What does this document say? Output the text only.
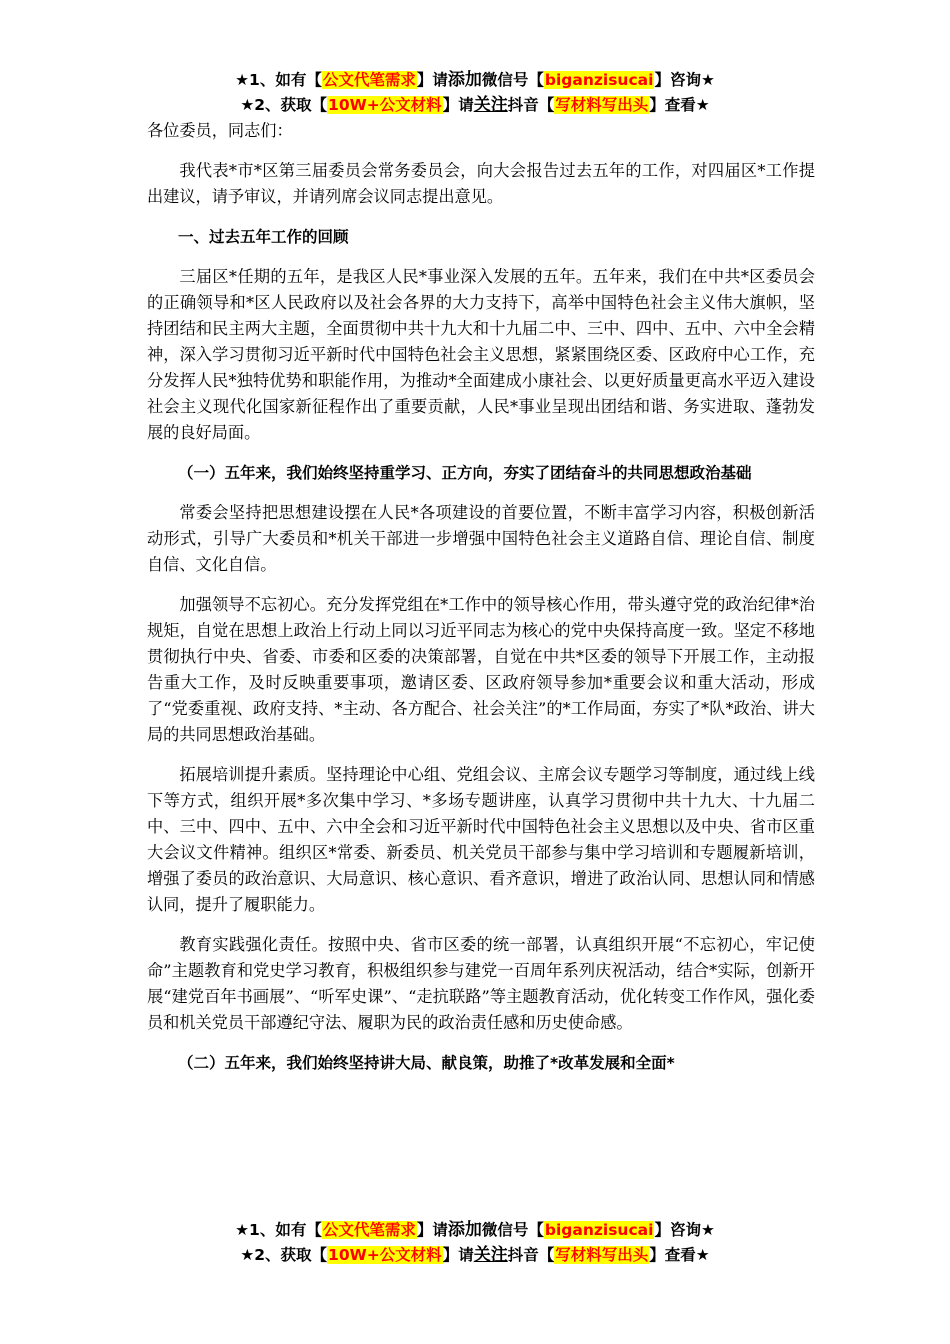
★1、如有【公文代笔需求】请添加微信号【biganzisucai】咨询★
★2、获取【10W+公文材料】请关注抖音【写材料写出头】查看★

各位委员，同志们：

我代表*市*区第三届委员会常务委员会，向大会报告过去五年的工作，对四届区*工作提出建议，请予审议，并请列席会议同志提出意见。

一、过去五年工作的回顾

三届区*任期的五年，是我区人民*事业深入发展的五年。五年来，我们在中共*区委员会的正确领导和*区人民政府以及社会各界的大力支持下，高举中国特色社会主义伟大旗帜，坚持团结和民主两大主题，全面贯彻中共十九大和十九届二中、三中、四中、五中、六中全会精神，深入学习贯彻习近平新时代中国特色社会主义思想，紧紧围绕区委、区政府中心工作，充分发挥人民*独特优势和职能作用，为推动*全面建成小康社会、以更好质量更高水平迈入建设社会主义现代化国家新征程作出了重要贡献，人民*事业呈现出团结和谐、务实进取、蓬勃发展的良好局面。

（一）五年来，我们始终坚持重学习、正方向，夯实了团结奋斗的共同思想政治基础

常委会坚持把思想建设摆在人民*各项建设的首要位置，不断丰富学习内容，积极创新活动形式，引导广大委员和*机关干部进一步增强中国特色社会主义道路自信、理论自信、制度自信、文化自信。

加强领导不忘初心。充分发挥党组在*工作中的领导核心作用，带头遵守党的政治纪律*治规矩，自觉在思想上政治上行动上同以习近平同志为核心的党中央保持高度一致。坚定不移地贯彻执行中央、省委、市委和区委的决策部署，自觉在中共*区委的领导下开展工作，主动报告重大工作，及时反映重要事项，邀请区委、区政府领导参加*重要会议和重大活动，形成了“党委重视、政府支持、*主动、各方配合、社会关注”的*工作局面，夯实了*队*政治、讲大局的共同思想政治基础。

拓展培训提升素质。坚持理论中心组、党组会议、主席会议专题学习等制度，通过线上线下等方式，组织开展*多次集中学习、*多场专题讲座，认真学习贯彻中共十九大、十九届二中、三中、四中、五中、六中全会和习近平新时代中国特色社会主义思想以及中央、省市区重大会议文件精神。组织区*常委、新委员、机关党员干部参与集中学习培训和专题履新培训，增强了委员的政治意识、大局意识、核心意识、看齐意识，增进了政治认同、思想认同和情感认同，提升了履职能力。

教育实践强化责任。按照中央、省市区委的统一部署，认真组织开展“不忘初心，牢记使命”主题教育和党史学习教育，积极组织参与建党一百周年系列庆祝活动，结合*实际，创新开展“建党百年书画展”、“听军史课”、“走抗联路”等主题教育活动，优化转变工作作风，强化委员和机关党员干部遵纪守法、履职为民的政治责任感和历史使命感。

（二）五年来，我们始终坚持讲大局、献良策，助推了*改革发展和全面*

★1、如有【公文代笔需求】请添加微信号【biganzisucai】咨询★
★2、获取【10W+公文材料】请关注抖音【写材料写出头】查看★
